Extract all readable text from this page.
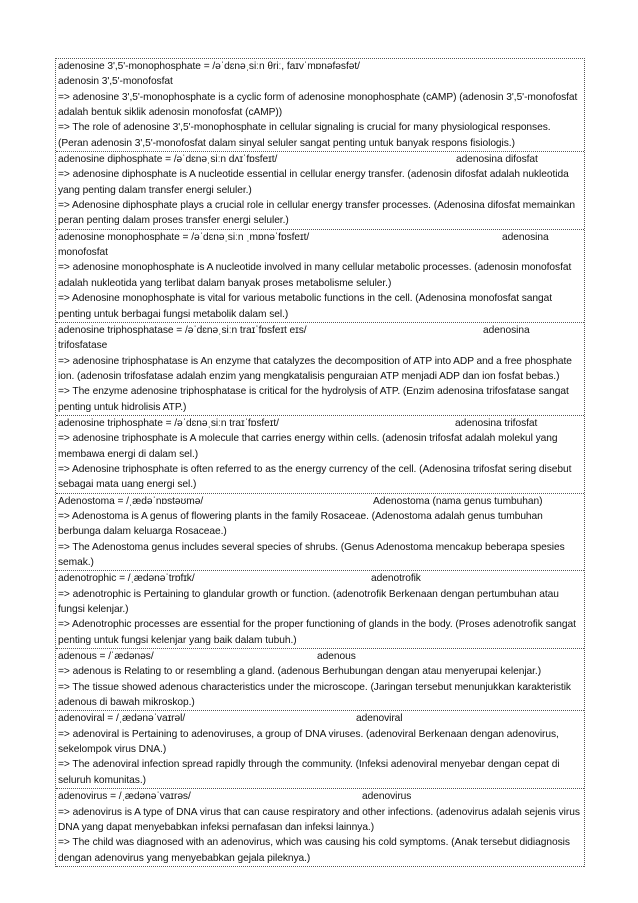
adenosine 3',5'-monophosphate = /əˈdɛnəˌsiːn θriː, faɪvˈmɒnəfəsfət/
adenosin 3',5'-monofosfat
=> adenosine 3',5'-monophosphate is a cyclic form of adenosine monophosphate (cAMP) (adenosin 3',5'-monofosfat adalah bentuk siklik adenosin monofosfat (cAMP))
=> The role of adenosine 3',5'-monophosphate in cellular signaling is crucial for many physiological responses. (Peran adenosin 3',5'-monofosfat dalam sinyal seluler sangat penting untuk banyak respons fisiologis.)
adenosine diphosphate = /əˈdɛnəˌsiːn dʌɪˈfɒsfeɪt/	adenosina difosfat
=> adenosine diphosphate is A nucleotide essential in cellular energy transfer. (adenosin difosfat adalah nukleotida yang penting dalam transfer energi seluler.)
=> Adenosine diphosphate plays a crucial role in cellular energy transfer processes. (Adenosina difosfat memainkan peran penting dalam proses transfer energi seluler.)
adenosine monophosphate = /əˈdɛnəˌsiːn ˌmɒnəˈfɒsfeɪt/	adenosina
monofosfat
=> adenosine monophosphate is A nucleotide involved in many cellular metabolic processes. (adenosin monofosfat adalah nukleotida yang terlibat dalam banyak proses metabolisme seluler.)
=> Adenosine monophosphate is vital for various metabolic functions in the cell. (Adenosina monofosfat sangat penting untuk berbagai fungsi metabolik dalam sel.)
adenosine triphosphatase = /əˈdɛnəˌsiːn traɪˈfɒsfeɪt eɪs/	adenosina
trifosfatase
=> adenosine triphosphatase is An enzyme that catalyzes the decomposition of ATP into ADP and a free phosphate ion. (adenosin trifosfatase adalah enzim yang mengkatalisis penguraian ATP menjadi ADP dan ion fosfat bebas.)
=> The enzyme adenosine triphosphatase is critical for the hydrolysis of ATP. (Enzim adenosina trifosfatase sangat penting untuk hidrolisis ATP.)
adenosine triphosphate = /əˈdɛnəˌsiːn traɪˈfɒsfeɪt/	adenosina trifosfat
=> adenosine triphosphate is A molecule that carries energy within cells. (adenosin trifosfat adalah molekul yang membawa energi di dalam sel.)
=> Adenosine triphosphate is often referred to as the energy currency of the cell. (Adenosina trifosfat sering disebut sebagai mata uang energi sel.)
Adenostoma = /ˌædəˈnɒstəʊmə/	Adenostoma (nama genus tumbuhan)
=> Adenostoma is A genus of flowering plants in the family Rosaceae. (Adenostoma adalah genus tumbuhan berbunga dalam keluarga Rosaceae.)
=> The Adenostoma genus includes several species of shrubs. (Genus Adenostoma mencakup beberapa spesies semak.)
adenotrophic = /ˌædənəˈtrɒfɪk/	adenotrofik
=> adenotrophic is Pertaining to glandular growth or function. (adenotrofik Berkenaan dengan pertumbuhan atau fungsi kelenjar.)
=> Adenotrophic processes are essential for the proper functioning of glands in the body. (Proses adenotrofik sangat penting untuk fungsi kelenjar yang baik dalam tubuh.)
adenous = /ˈædənəs/	adenous
=> adenous is Relating to or resembling a gland. (adenous Berhubungan dengan atau menyerupai kelenjar.)
=> The tissue showed adenous characteristics under the microscope. (Jaringan tersebut menunjukkan karakteristik adenous di bawah mikroskop.)
adenoviral = /ˌædənəˈvaɪrəl/	adenoviral
=> adenoviral is Pertaining to adenoviruses, a group of DNA viruses. (adenoviral Berkenaan dengan adenovirus, sekelompok virus DNA.)
=> The adenoviral infection spread rapidly through the community. (Infeksi adenoviral menyebar dengan cepat di seluruh komunitas.)
adenovirus = /ˌædənəˈvaɪrəs/	adenovirus
=> adenovirus is A type of DNA virus that can cause respiratory and other infections. (adenovirus adalah sejenis virus DNA yang dapat menyebabkan infeksi pernafasan dan infeksi lainnya.)
=> The child was diagnosed with an adenovirus, which was causing his cold symptoms. (Anak tersebut didiagnosis dengan adenovirus yang menyebabkan gejala pileknya.)
